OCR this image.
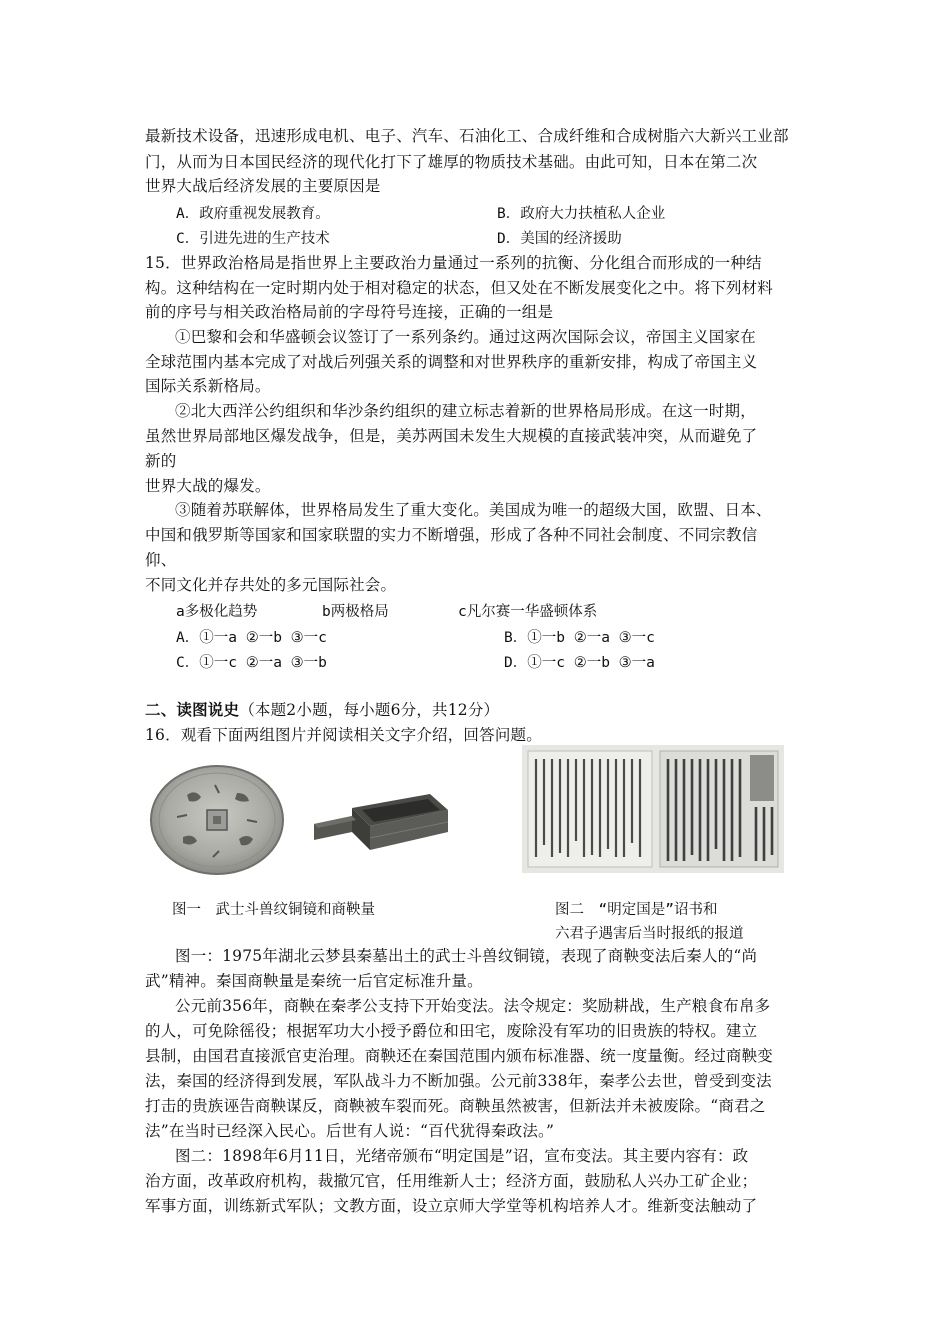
最新技术设备，迅速形成电机、电子、汽车、石油化工、合成纤维和合成树脂六大新兴工业部
门，从而为日本国民经济的现代化打下了雄厚的物质技术基础。由此可知，日本在第二次
世界大战后经济发展的主要原因是
A．政府重视发展教育。	B．政府大力扶植私人企业
C．引进先进的生产技术	D．美国的经济援助
15．世界政治格局是指世界上主要政治力量通过一系列的抗衡、分化组合而形成的一种结
构。这种结构在一定时期内处于相对稳定的状态，但又处在不断发展变化之中。将下列材料
前的序号与相关政治格局前的字母符号连接，正确的一组是
①巴黎和会和华盛顿会议签订了一系列条约。通过这两次国际会议，帝国主义国家在
全球范围内基本完成了对战后列强关系的调整和对世界秩序的重新安排，构成了帝国主义
国际关系新格局。
②北大西洋公约组织和华沙条约组织的建立标志着新的世界格局形成。在这一时期，
虽然世界局部地区爆发战争，但是，美苏两国未发生大规模的直接武装冲突，从而避免了
新的
世界大战的爆发。
③随着苏联解体，世界格局发生了重大变化。美国成为唯一的超级大国，欧盟、日本、
中国和俄罗斯等国家和国家联盟的实力不断增强，形成了各种不同社会制度、不同宗教信
仰、
不同文化并存共处的多元国际社会。
a多极化趋势	b两极格局	c凡尔赛一华盛顿体系
A．①一a ②一b ③一c	B．①一b ②一a ③一c
C．①一c ②一a ③一b	D．①一c ②一b ③一a
二、读图说史（本题2小题，每小题6分，共12分）
16．观看下面两组图片并阅读相关文字介绍，回答问题。
图一　武士斗兽纹铜镜和商鞅量	图二　“明定国是”诏书和
六君子遇害后当时报纸的报道
图一：1975年湖北云梦县秦墓出土的武士斗兽纹铜镜，表现了商鞅变法后秦人的“尚
武”精神。秦国商鞅量是秦统一后官定标准升量。
公元前356年，商鞅在秦孝公支持下开始变法。法令规定：奖励耕战，生产粮食布帛多
的人，可免除徭役；根据军功大小授予爵位和田宅，废除没有军功的旧贵族的特权。建立
县制，由国君直接派官吏治理。商鞅还在秦国范围内颁布标准器、统一度量衡。经过商鞅变
法，秦国的经济得到发展，军队战斗力不断加强。公元前338年，秦孝公去世，曾受到变法
打击的贵族诬告商鞅谋反，商鞅被车裂而死。商鞅虽然被害，但新法并未被废除。“商君之
法”在当时已经深入民心。后世有人说：“百代犹得秦政法。”
图二：1898年6月11日，光绪帝颁布“明定国是”诏，宣布变法。其主要内容有：政
治方面，改革政府机构，裁撤冗官，任用维新人士；经济方面，鼓励私人兴办工矿企业；
军事方面，训练新式军队；文教方面，设立京师大学堂等机构培养人才。维新变法触动了
